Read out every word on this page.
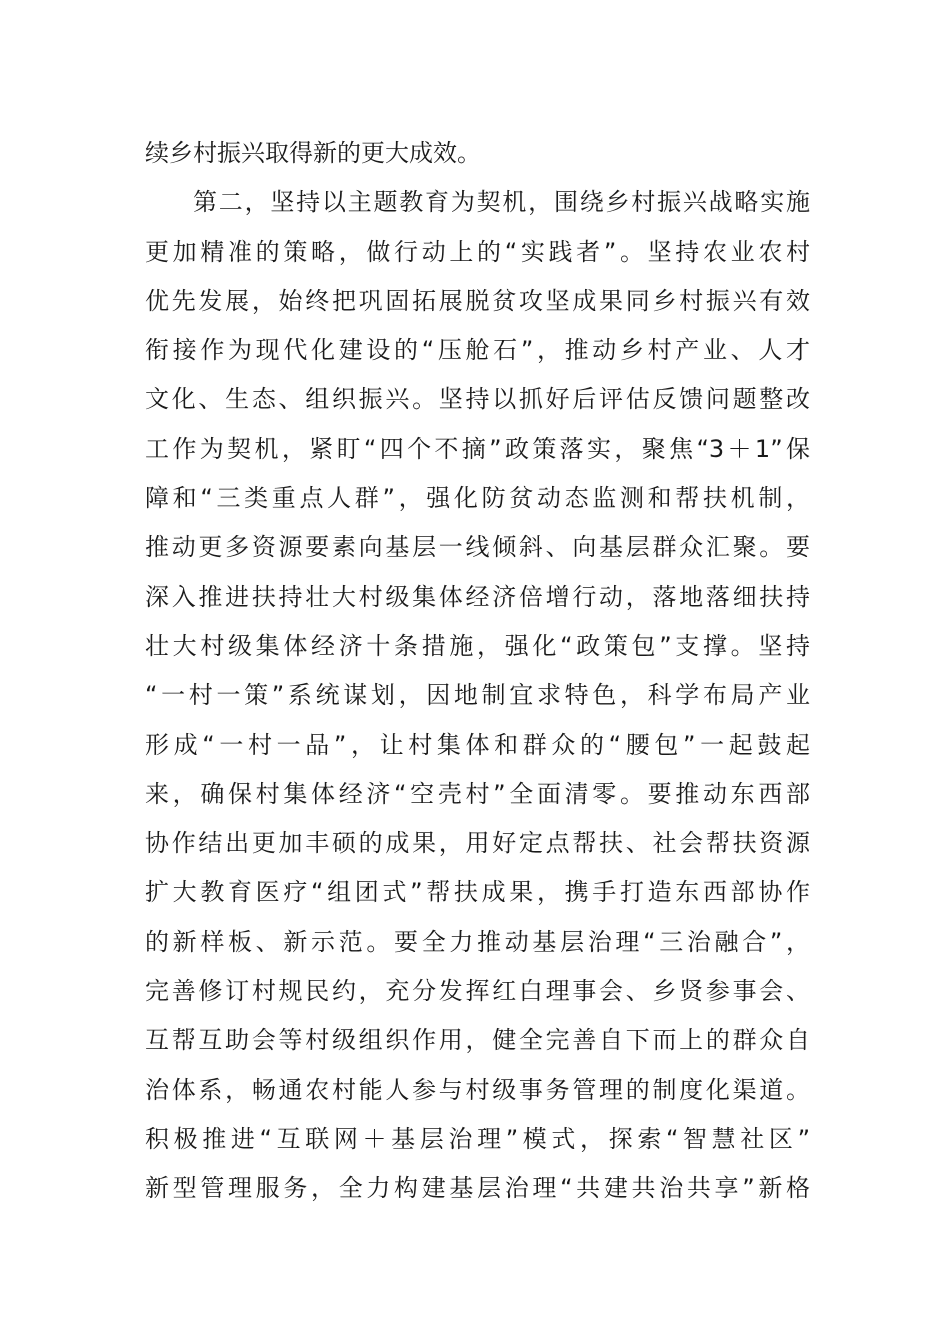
续乡村振兴取得新的更大成效。
第二，坚持以主题教育为契机，围绕乡村振兴战略实施
更加精准的策略，做行动上的“实践者”。坚持农业农村
优先发展，始终把巩固拓展脱贫攻坚成果同乡村振兴有效
衔接作为现代化建设的“压舱石”，推动乡村产业、人才
文化、生态、组织振兴。坚持以抓好后评估反馈问题整改
工作为契机，紧盯“四个不摘”政策落实，聚焦“3＋1”保
障和“三类重点人群”，强化防贫动态监测和帮扶机制，
推动更多资源要素向基层一线倾斜、向基层群众汇聚。要
深入推进扶持壮大村级集体经济倍增行动，落地落细扶持
壮大村级集体经济十条措施，强化“政策包”支撑。坚持
“一村一策”系统谋划，因地制宜求特色，科学布局产业
形成“一村一品”，让村集体和群众的“腰包”一起鼓起
来，确保村集体经济“空壳村”全面清零。要推动东西部
协作结出更加丰硕的成果，用好定点帮扶、社会帮扶资源
扩大教育医疗“组团式”帮扶成果，携手打造东西部协作
的新样板、新示范。要全力推动基层治理“三治融合”，
完善修订村规民约，充分发挥红白理事会、乡贤参事会、
互帮互助会等村级组织作用，健全完善自下而上的群众自
治体系，畅通农村能人参与村级事务管理的制度化渠道。
积极推进“互联网＋基层治理”模式，探索“智慧社区”
新型管理服务，全力构建基层治理“共建共治共享”新格
